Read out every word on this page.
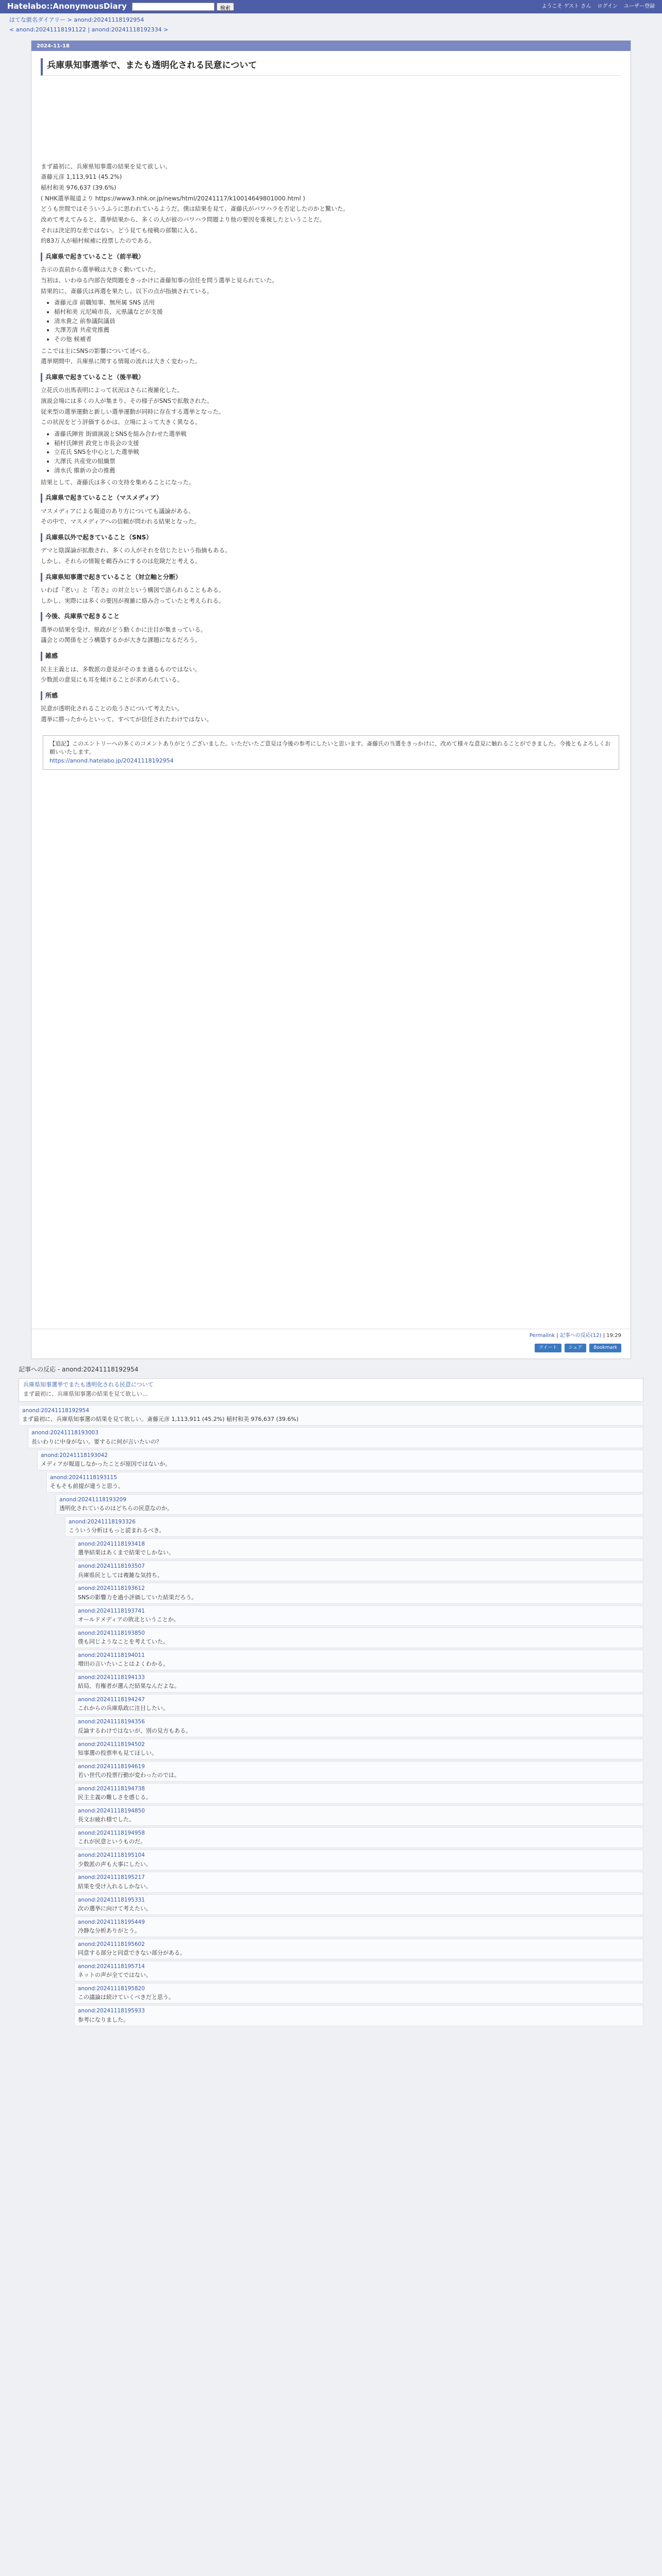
Hatelabo::AnonymousDiary	検索	ようこそ ゲスト さん ログイン ユーザー登録
はてな匿名ダイアリー > anond:20241118192954
< anond:20241118191122 | anond:20241118192334 >
2024-11-18
兵庫県知事選挙で、またも透明化される民意について
まず最初に、兵庫県知事選の結果を見て欲しい。
斎藤元彦 1,113,911 (45.2%)
稲村和美 976,637 (39.6%)
( NHK選挙報道より https://www3.nhk.or.jp/news/html/20241117/k10014649801000.html )
どうも世間ではそういうふうに思われているようだ。僕は結果を見て、斎藤氏がパワハラを否定したのかと驚いた。
改めて考えてみると、選挙結果から、多くの人が彼のパワハラ問題より他の要因を重視したということだ。
それは決定的な差ではない。どう見ても接戦の部類に入る。
約83万人が稲村候補に投票したのである。
兵庫県で起きていること（前半戦）
告示の直前から選挙戦は大きく動いていた。
当初は、いわゆる内部告発問題をきっかけに斎藤知事の信任を問う選挙と見られていた。
結果的に、斎藤氏は再選を果たし、以下の点が指摘されている。
• 斎藤元彦 前職知事、無所属 SNS 活用
• 稲村和美 元尼崎市長、元県議などが支援
• 清水貴之 前参議院議員
• 大澤芳清 共産党推薦
• その他 候補者
ここでは主にSNSの影響について述べる。
選挙期間中、兵庫県に関する情報の流れは大きく変わった。
兵庫県で起きていること（後半戦）
立花氏の出馬表明によって状況はさらに複雑化した。
演説会場には多くの人が集まり、その様子がSNSで拡散された。
従来型の選挙運動と新しい選挙運動が同時に存在する選挙となった。
この状況をどう評価するかは、立場によって大きく異なる。
• 斎藤氏陣営 街頭演説とSNSを組み合わせた選挙戦
• 稲村氏陣営 政党と市長会の支援
• 立花氏 SNSを中心とした選挙戦
• 大澤氏 共産党の組織票
• 清水氏 維新の会の推薦
結果として、斎藤氏は多くの支持を集めることになった。
兵庫県で起きていること（マスメディア）
マスメディアによる報道のあり方についても議論がある。
その中で、マスメディアへの信頼が問われる結果となった。
兵庫県以外で起きていること（SNS）
デマと陰謀論が拡散され、多くの人がそれを信じたという指摘もある。
しかし、それらの情報を鵜呑みにするのは危険だと考える。
兵庫県知事選で起きていること（対立軸と分断）
いわば『老い』と『若さ』の対立という構図で語られることもある。
しかし、実際には多くの要因が複雑に絡み合っていたと考えられる。
今後、兵庫県で起きること
選挙の結果を受け、県政がどう動くかに注目が集まっている。
議会との関係をどう構築するかが大きな課題になるだろう。
雑感
民主主義とは、多数派の意見がそのまま通るものではない。
少数派の意見にも耳を傾けることが求められている。
所感
民意が透明化されることの危うさについて考えたい。
選挙に勝ったからといって、すべてが信任されたわけではない。
【追記】このエントリーへの多くのコメントありがとうございました。いただいたご意見は今後の参考にしたいと思います。斎藤氏の当選をきっかけに、改めて様々な意見に触れることができました。今後ともよろしくお願いいたします。
https://anond.hatelabo.jp/20241118192954
Permalink | 記事への反応(12) | 19:29
ツイート	シェア	Bookmark
記事への反応 - anond:20241118192954
兵庫県知事選挙でまたも透明化される民意について
まず最初に、兵庫県知事選の結果を見て欲しい...
anond:20241118192954
まず最初に、兵庫県知事選の結果を見て欲しい。斎藤元彦 1,113,911 (45.2%) 稲村和美 976,637 (39.6%)
anond:20241118193003
長いわりに中身がない。要するに何が言いたいの？
anond:20241118193042
メディアが報道しなかったことが原因ではないか。
anond:20241118193115
そもそも前提が違うと思う。
anond:20241118193209
透明化されているのはどちらの民意なのか。
anond:20241118193326
こういう分析はもっと読まれるべき。
anond:20241118193418
選挙結果はあくまで結果でしかない。
anond:20241118193507
兵庫県民としては複雑な気持ち。
anond:20241118193612
SNSの影響力を過小評価していた結果だろう。
anond:20241118193741
オールドメディアの敗北ということか。
anond:20241118193850
僕も同じようなことを考えていた。
anond:20241118194011
増田の言いたいことはよくわかる。
anond:20241118194133
結局、有権者が選んだ結果なんだよな。
anond:20241118194247
これからの兵庫県政に注目したい。
anond:20241118194356
反論するわけではないが、別の見方もある。
anond:20241118194502
知事選の投票率も見てほしい。
anond:20241118194619
若い世代の投票行動が変わったのでは。
anond:20241118194738
民主主義の難しさを感じる。
anond:20241118194850
長文お疲れ様でした。
anond:20241118194958
これが民意というものだ。
anond:20241118195104
少数派の声も大事にしたい。
anond:20241118195217
結果を受け入れるしかない。
anond:20241118195331
次の選挙に向けて考えたい。
anond:20241118195449
冷静な分析ありがとう。
anond:20241118195602
同意する部分と同意できない部分がある。
anond:20241118195714
ネットの声が全てではない。
anond:20241118195820
この議論は続けていくべきだと思う。
anond:20241118195933
参考になりました。
